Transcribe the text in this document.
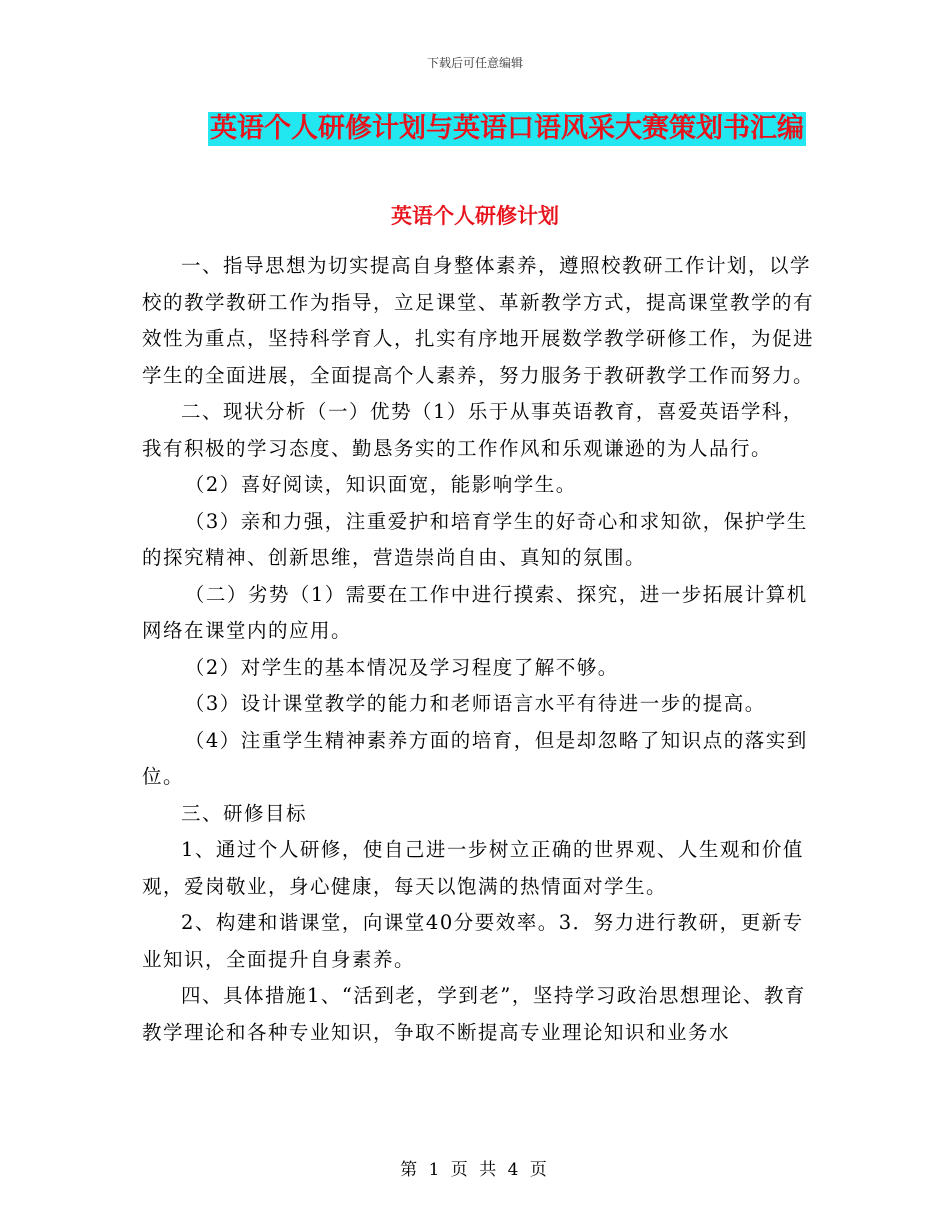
下载后可任意编辑
英语个人研修计划与英语口语风采大赛策划书汇编
英语个人研修计划

一、指导思想为切实提高自身整体素养，遵照校教研工作计划，以学校的教学教研工作为指导，立足课堂、革新教学方式，提高课堂教学的有效性为重点，坚持科学育人，扎实有序地开展数学教学研修工作，为促进学生的全面进展，全面提高个人素养，努力服务于教研教学工作而努力。

二、现状分析（一）优势（1）乐于从事英语教育，喜爱英语学科，我有积极的学习态度、勤恳务实的工作作风和乐观谦逊的为人品行。

（2）喜好阅读，知识面宽，能影响学生。

（3）亲和力强，注重爱护和培育学生的好奇心和求知欲，保护学生的探究精神、创新思维，营造崇尚自由、真知的氛围。

（二）劣势（1）需要在工作中进行摸索、探究，进一步拓展计算机网络在课堂内的应用。

（2）对学生的基本情况及学习程度了解不够。

（3）设计课堂教学的能力和老师语言水平有待进一步的提高。

（4）注重学生精神素养方面的培育，但是却忽略了知识点的落实到位。

三、研修目标

1、通过个人研修，使自己进一步树立正确的世界观、人生观和价值观，爱岗敬业，身心健康，每天以饱满的热情面对学生。

2、构建和谐课堂，向课堂40分要效率。3．努力进行教研，更新专业知识，全面提升自身素养。

四、具体措施1、“活到老，学到老”，坚持学习政治思想理论、教育教学理论和各种专业知识，争取不断提高专业理论知识和业务水

第 1 页 共 4 页
